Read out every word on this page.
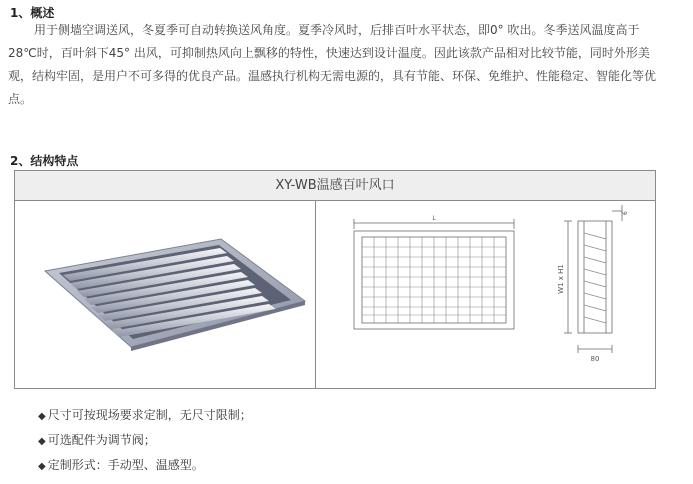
1、概述

用于侧墙空调送风，冬夏季可自动转换送风角度。夏季冷风时，后排百叶水平状态，即0° 吹出。冬季送风温度高于28℃时，百叶斜下45° 出风，可抑制热风向上飘移的特性，快速达到设计温度。因此该款产品相对比较节能，同时外形美观，结构牢固，是用户不可多得的优良产品。温感执行机构无需电源的，具有节能、环保、免维护、性能稳定、智能化等优点。

2、结构特点

XY-WB温感百叶风口
L
W1 x H1
80
6
◆ 尺寸可按现场要求定制，无尺寸限制；
◆ 可选配件为调节阀；
◆ 定制形式：手动型、温感型。
